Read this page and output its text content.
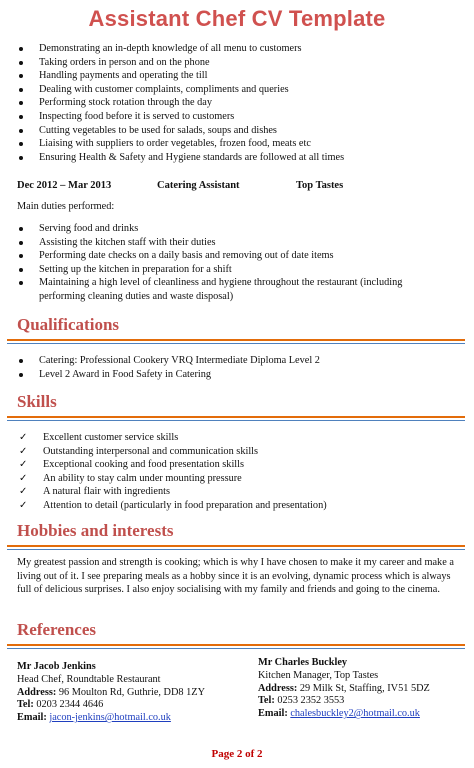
Assistant Chef CV Template
Demonstrating an in-depth knowledge of all menu to customers
Taking orders in person and on the phone
Handling payments and operating the till
Dealing with customer complaints, compliments and queries
Performing stock rotation through the day
Inspecting food before it is served to customers
Cutting vegetables to be used for salads, soups and dishes
Liaising with suppliers to order vegetables, frozen food, meats etc
Ensuring Health & Safety and Hygiene standards are followed at all times
Dec 2012 – Mar 2013	Catering Assistant	Top Tastes
Main duties performed:
Serving food and drinks
Assisting the kitchen staff with their duties
Performing date checks on a daily basis and removing out of date items
Setting up the kitchen in preparation for a shift
Maintaining a high level of cleanliness and hygiene throughout the restaurant (including performing cleaning duties and waste disposal)
Qualifications
Catering: Professional Cookery VRQ Intermediate Diploma Level 2
Level 2 Award in Food Safety in Catering
Skills
✓ Excellent customer service skills
✓ Outstanding interpersonal and communication skills
✓ Exceptional cooking and food presentation skills
✓ An ability to stay calm under mounting pressure
✓ A natural flair with ingredients
✓ Attention to detail (particularly in food preparation and presentation)
Hobbies and interests
My greatest passion and strength is cooking; which is why I have chosen to make it my career and make a living out of it. I see preparing meals as a hobby since it is an evolving, dynamic process which is always full of delicious surprises. I also enjoy socialising with my family and friends and going to the cinema.
References
Mr Jacob Jenkins
Head Chef, Roundtable Restaurant
Address: 96 Moulton Rd, Guthrie, DD8 1ZY
Tel: 0203 2344 4646
Email: jacon-jenkins@hotmail.co.uk
Mr Charles Buckley
Kitchen Manager, Top Tastes
Address: 29 Milk St, Staffing, IV51 5DZ
Tel: 0253 2352 3553
Email: chalesbuckley2@hotmail.co.uk
Page 2 of 2
